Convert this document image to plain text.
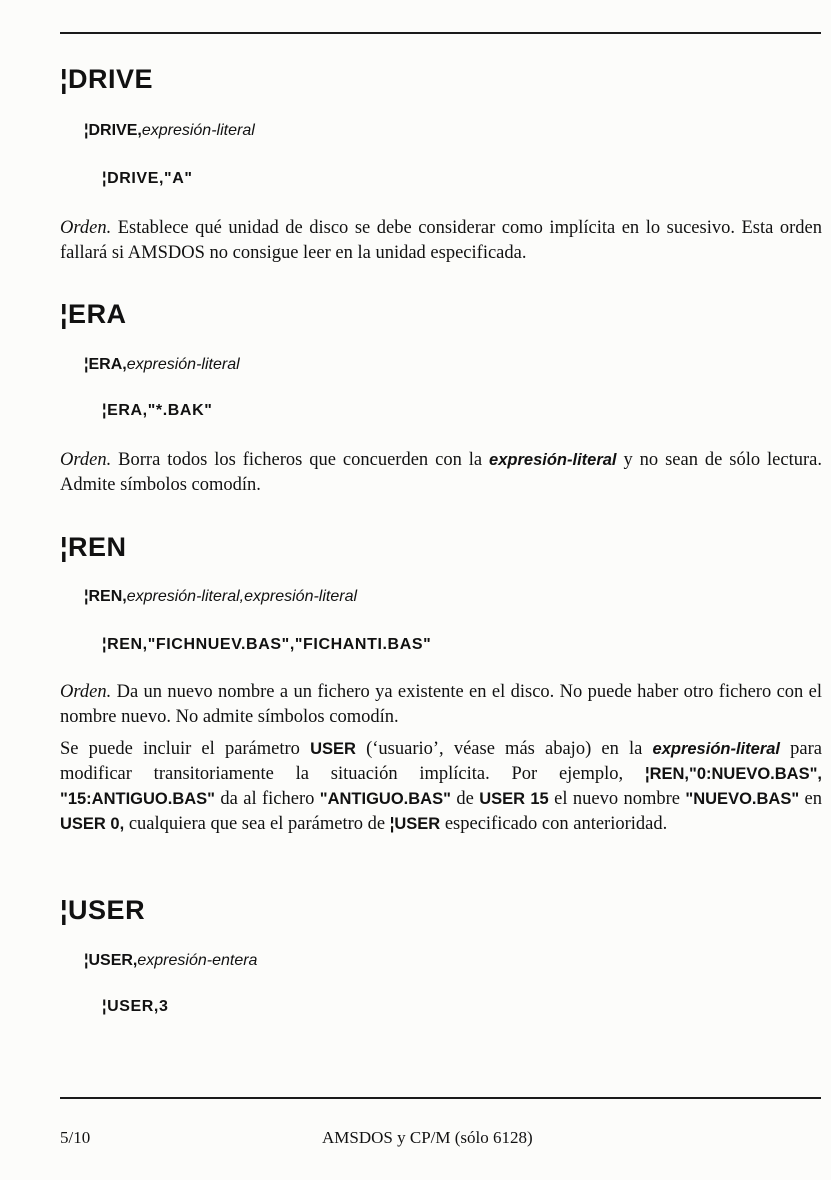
¦DRIVE
¦DRIVE,expresión-literal
¦DRIVE,"A"
Orden. Establece qué unidad de disco se debe considerar como implícita en lo sucesivo. Esta orden fallará si AMSDOS no consigue leer en la unidad especificada.
¦ERA
¦ERA,expresión-literal
¦ERA,"*.BAK"
Orden. Borra todos los ficheros que concuerden con la expresión-literal y no sean de sólo lectura. Admite símbolos comodín.
¦REN
¦REN,expresión-literal,expresión-literal
¦REN,"FICHNUEV.BAS","FICHANTI.BAS"
Orden. Da un nuevo nombre a un fichero ya existente en el disco. No puede haber otro fichero con el nombre nuevo. No admite símbolos comodín.
Se puede incluir el parámetro USER (‘usuario’, véase más abajo) en la expresión-literal para modificar transitoriamente la situación implícita. Por ejemplo, ¦REN,"0:NUEVO.BAS", "15:ANTIGUO.BAS" da al fichero "ANTIGUO.BAS" de USER 15 el nuevo nombre "NUEVO.BAS" en USER 0, cualquiera que sea el parámetro de ¦USER especificado con anterioridad.
¦USER
¦USER,expresión-entera
¦USER,3
5/10	AMSDOS y CP/M (sólo 6128)
